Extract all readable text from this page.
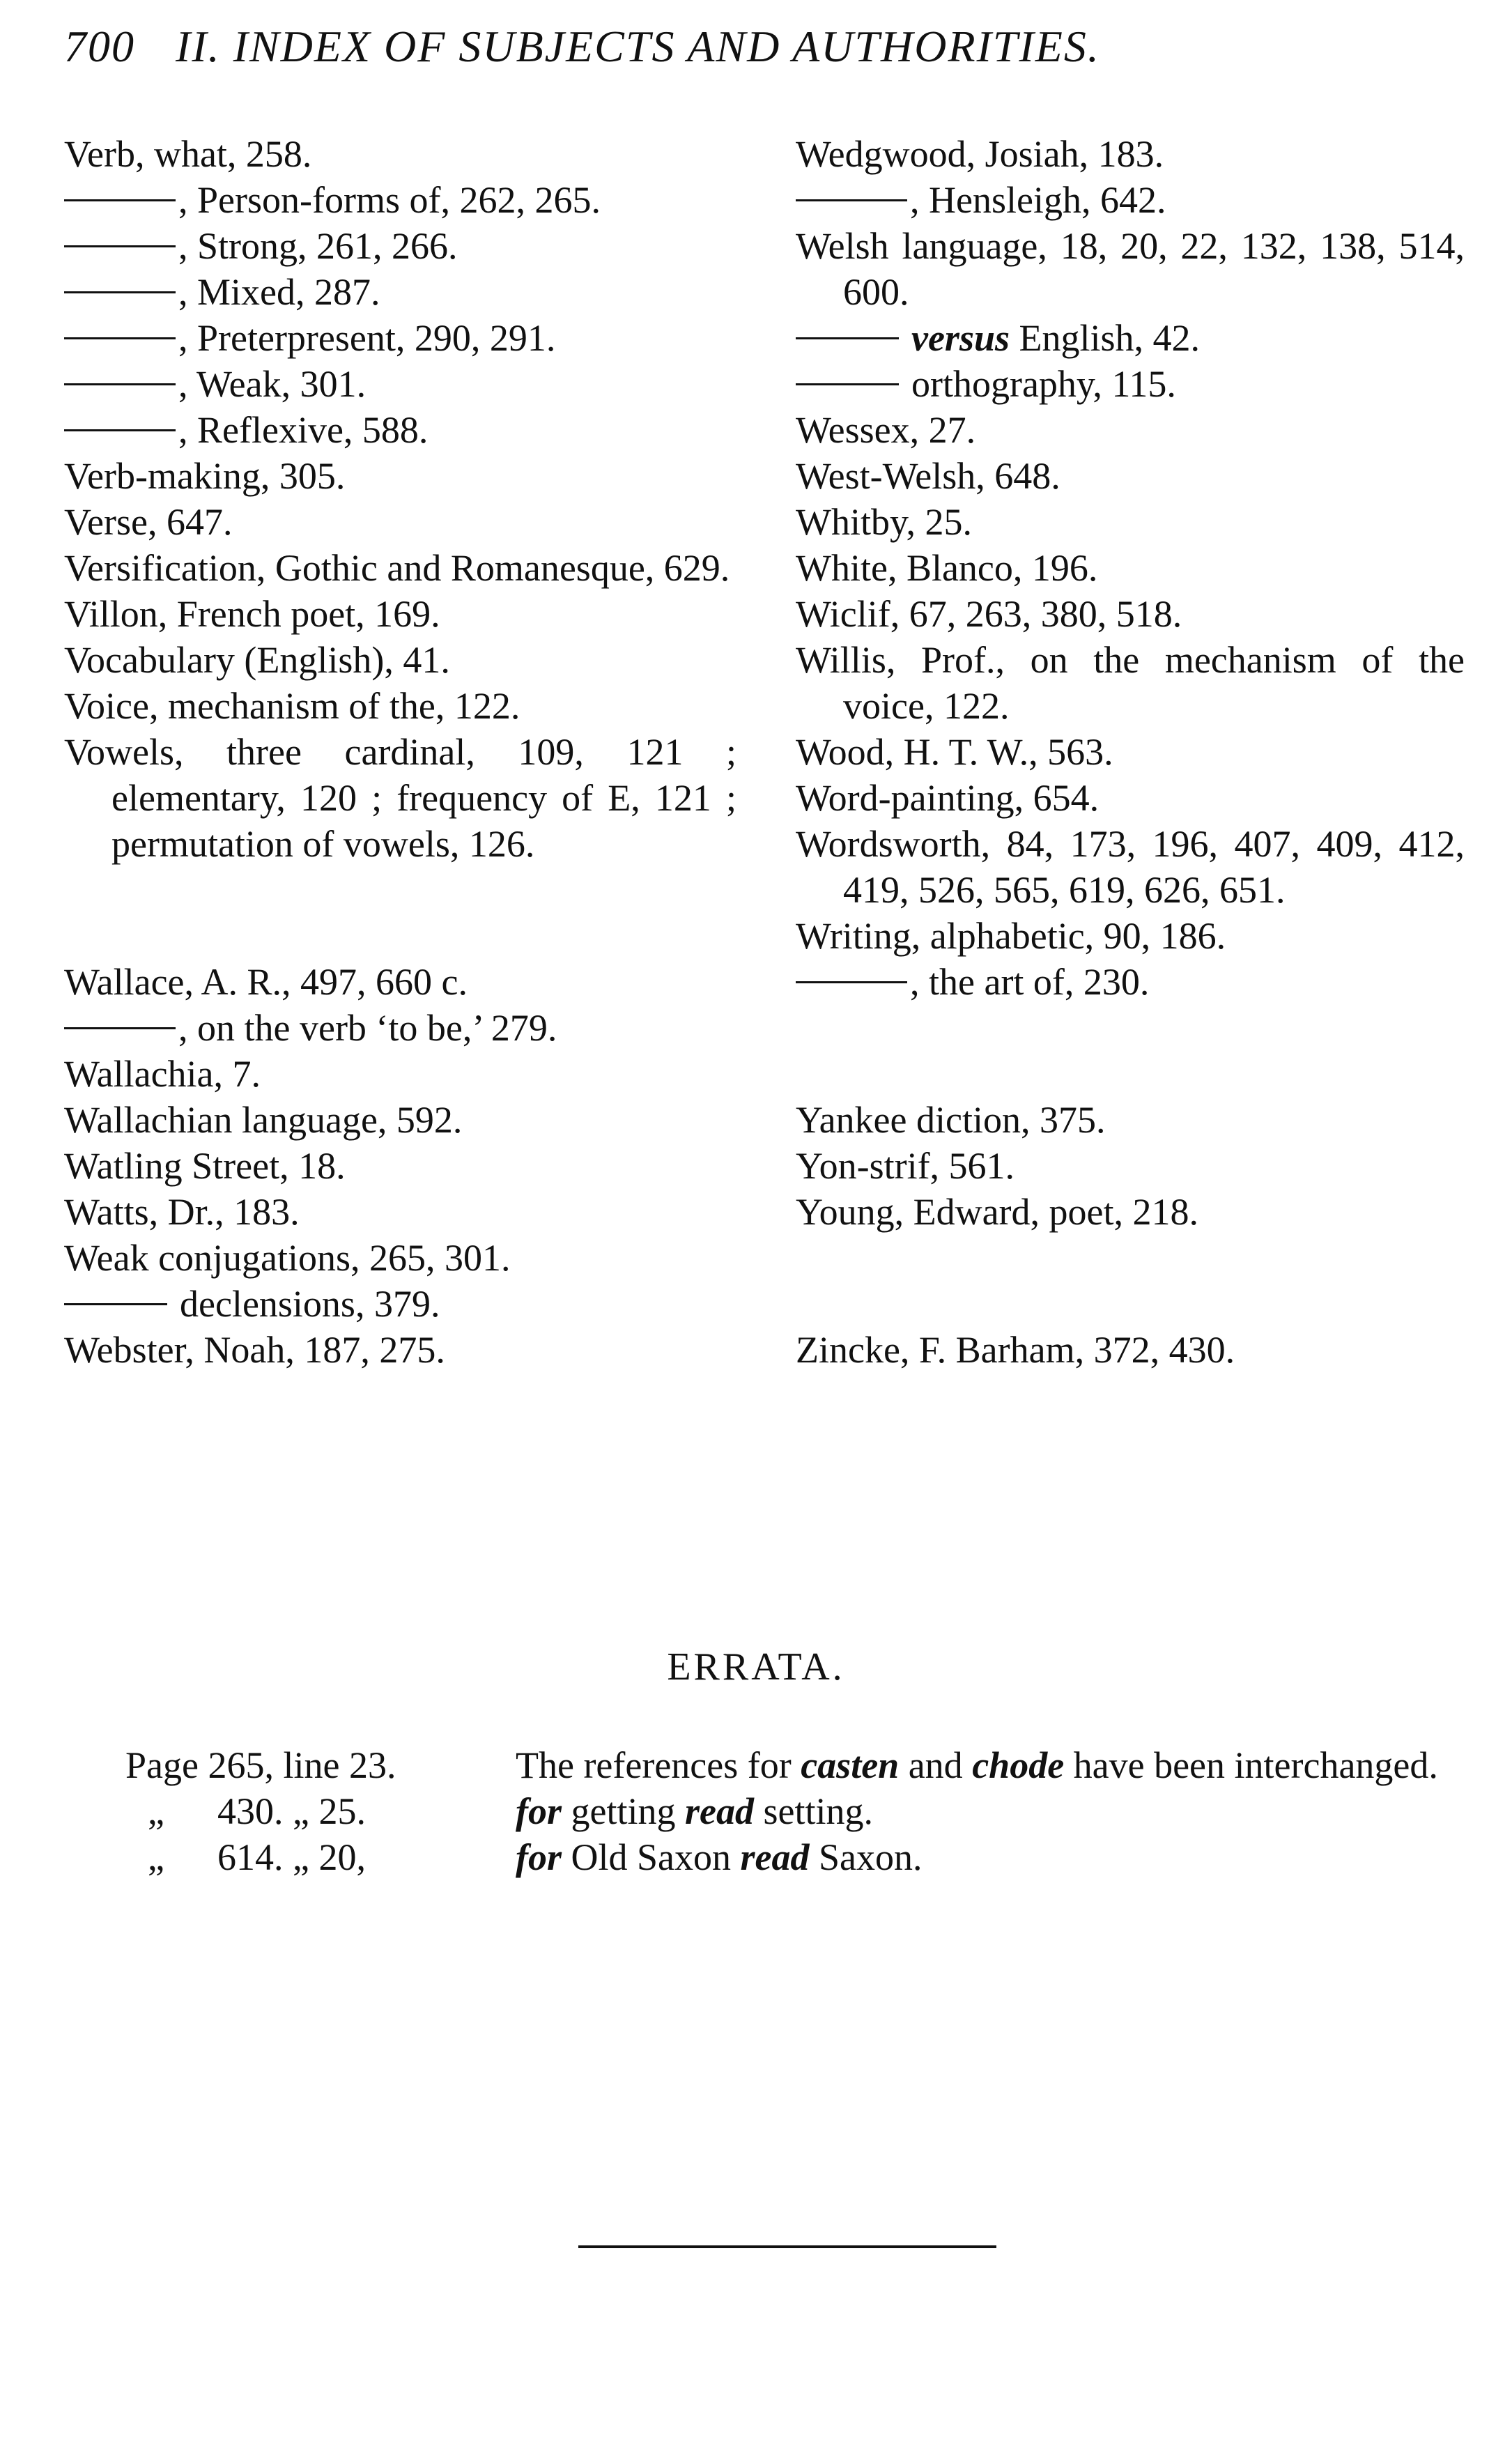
700 II. INDEX OF SUBJECTS AND AUTHORITIES.

Verb, what, 258.

, Person-forms of, 262, 265.

, Strong, 261, 266.

, Mixed, 287.

, Preterpresent, 290, 291.

, Weak, 301.

, Reflexive, 588.

Verb-making, 305.

Verse, 647.

Versification, Gothic and Romanesque, 629.

Villon, French poet, 169.

Vocabulary (English), 41.

Voice, mechanism of the, 122.

Vowels, three cardinal, 109, 121 ; elementary, 120 ; frequency of E, 121 ; permutation of vowels, 126.

Wallace, A. R., 497, 660 c.

, on the verb ‘to be,’ 279.

Wallachia, 7.

Wallachian language, 592.

Watling Street, 18.

Watts, Dr., 183.

Weak conjugations, 265, 301.

declensions, 379.

Webster, Noah, 187, 275.

Wedgwood, Josiah, 183.

, Hensleigh, 642.

Welsh language, 18, 20, 22, 132, 138, 514, 600.

versus English, 42.

orthography, 115.

Wessex, 27.

West-Welsh, 648.

Whitby, 25.

White, Blanco, 196.

Wiclif, 67, 263, 380, 518.

Willis, Prof., on the mechanism of the voice, 122.

Wood, H. T. W., 563.

Word-painting, 654.

Wordsworth, 84, 173, 196, 407, 409, 412, 419, 526, 565, 619, 626, 651.

Writing, alphabetic, 90, 186.

, the art of, 230.

Yankee diction, 375.

Yon-strif, 561.

Young, Edward, poet, 218.

Zincke, F. Barham, 372, 430.

ERRATA.
Page 265, line 23.	The references for casten and chode have been interchanged.
„ 430. „ 25.	for getting read setting.
„ 614. „ 20,	for Old Saxon read Saxon.
